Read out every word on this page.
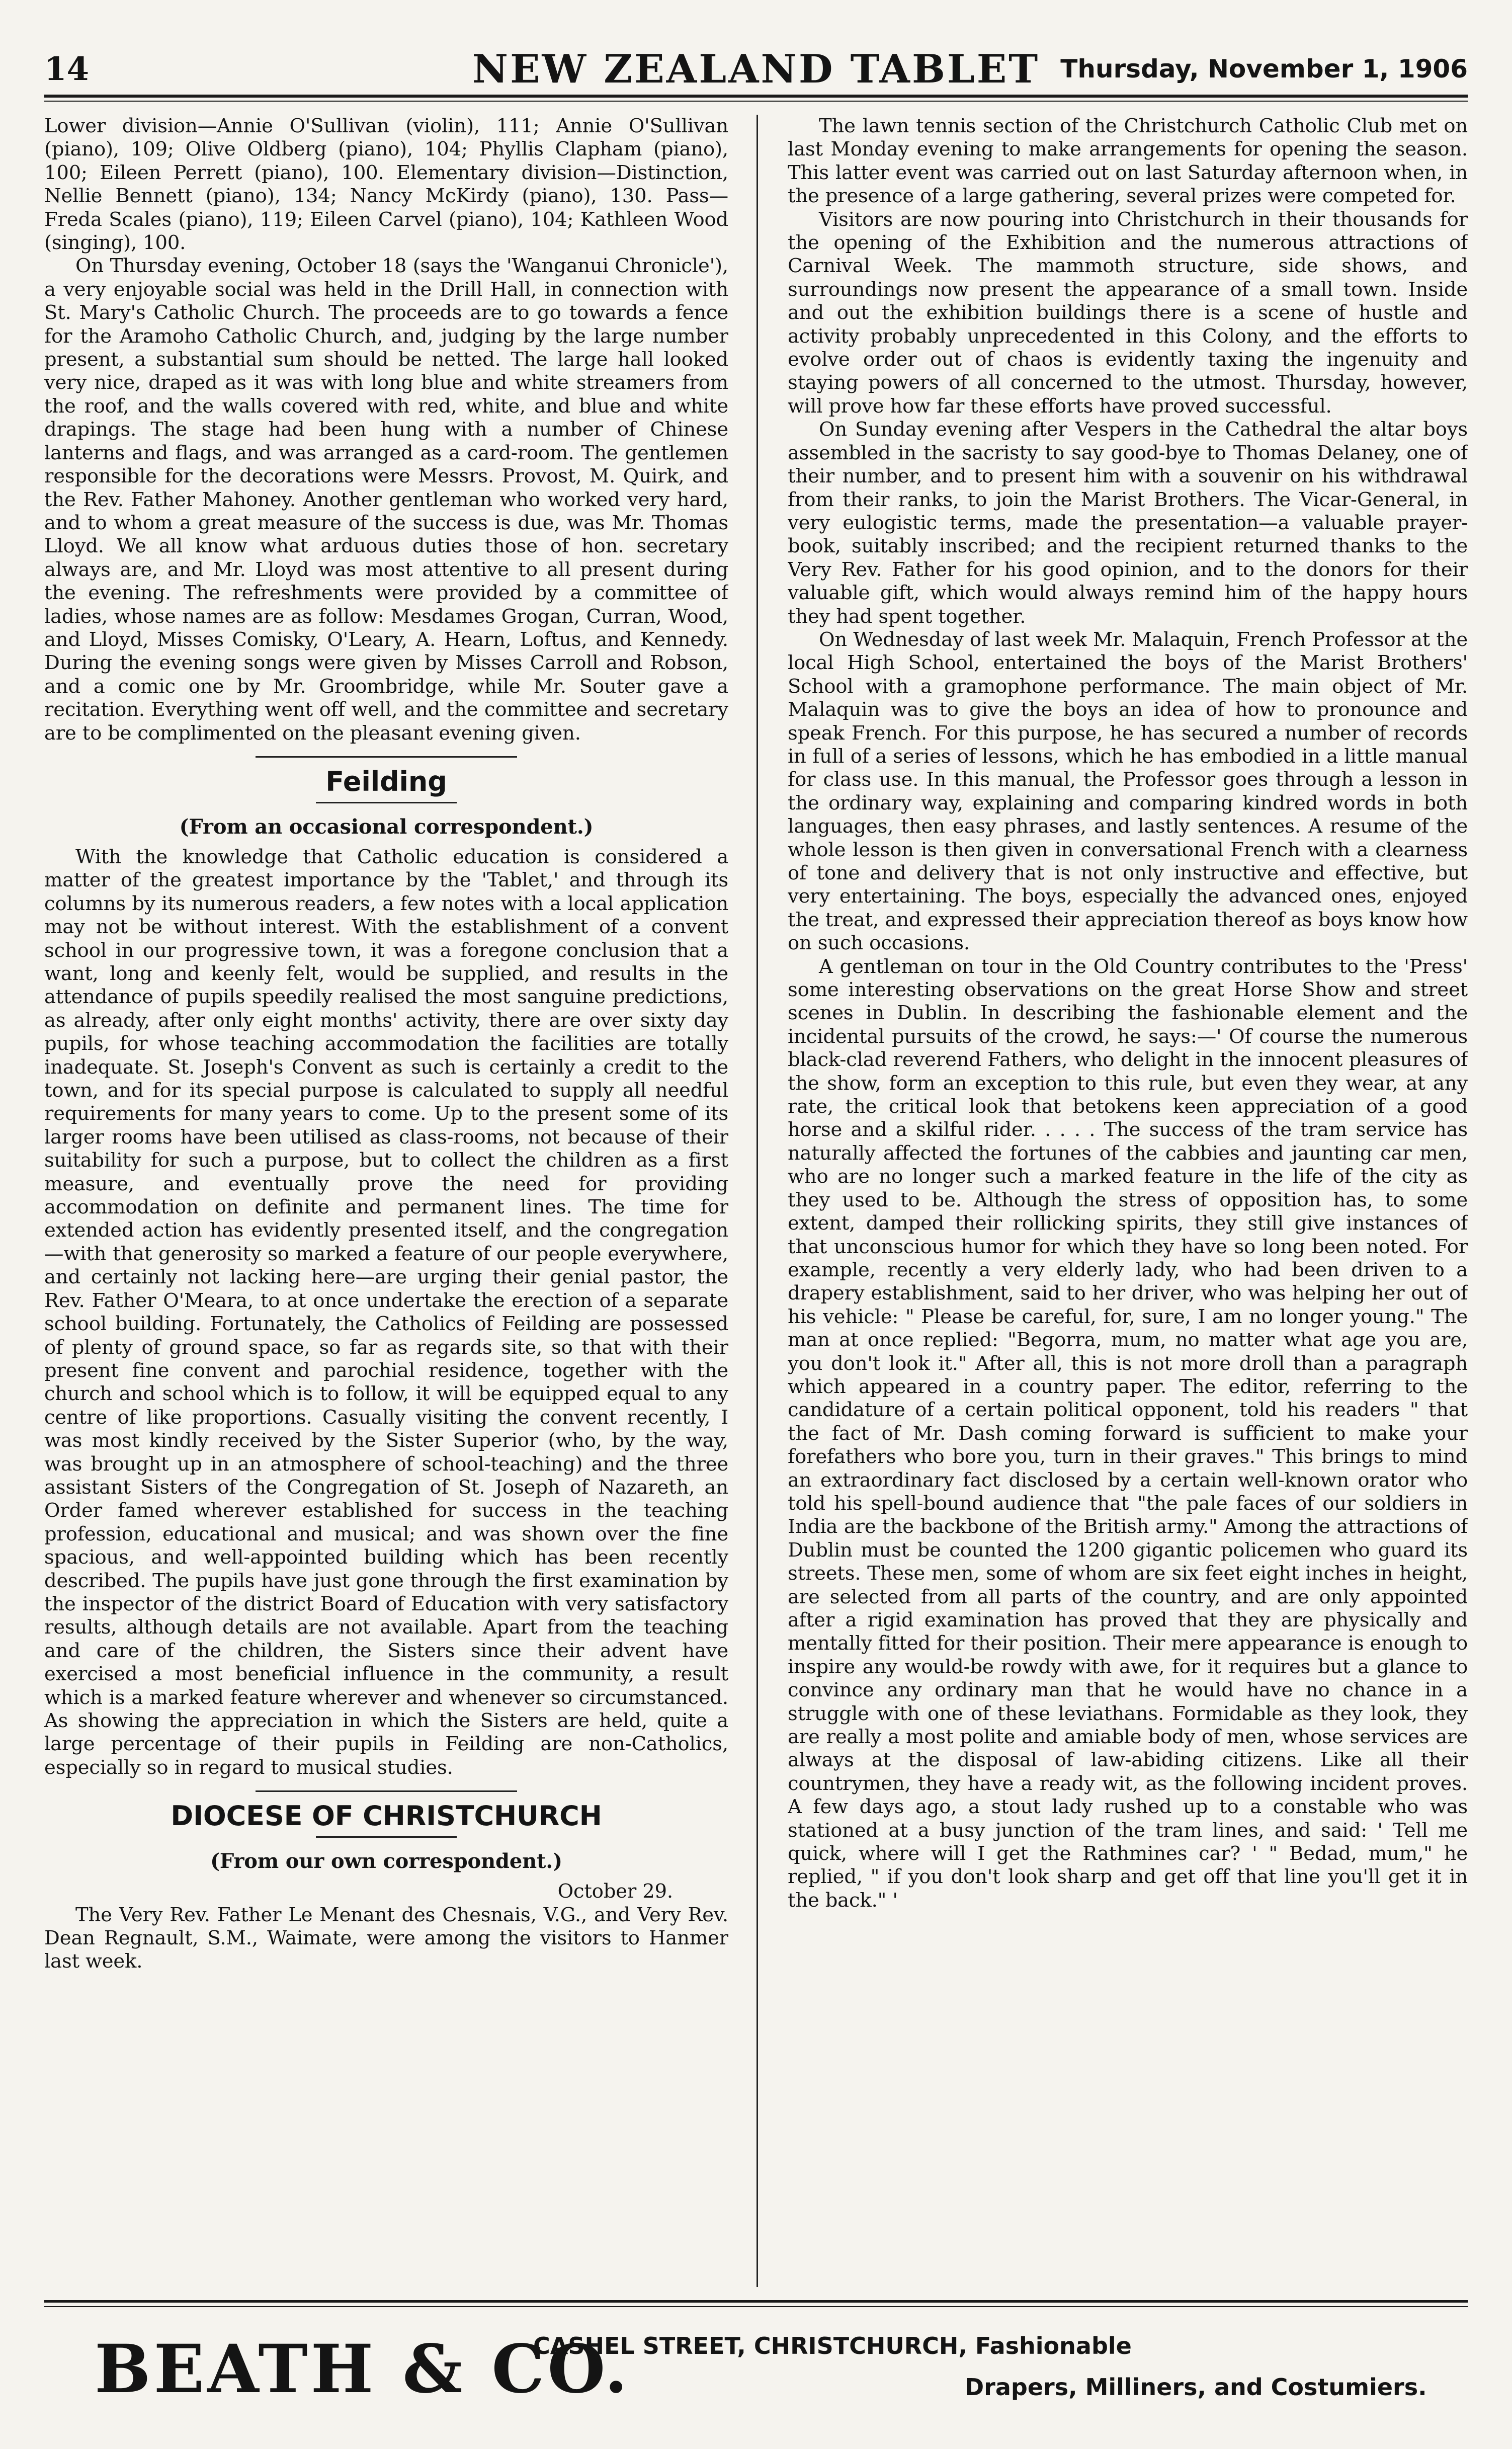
14	NEW ZEALAND TABLET Thursday, November 1, 1906

Lower division—Annie O'Sullivan (violin), 111; Annie O'Sullivan (piano), 109; Olive Oldberg (piano), 104; Phyllis Clapham (piano), 100; Eileen Perrett (piano), 100. Elementary division—Distinction, Nellie Bennett (piano), 134; Nancy McKirdy (piano), 130. Pass—Freda Scales (piano), 119; Eileen Carvel (piano), 104; Kathleen Wood (singing), 100.

On Thursday evening, October 18 (says the 'Wanganui Chronicle'), a very enjoyable social was held in the Drill Hall, in connection with St. Mary's Catholic Church. The proceeds are to go towards a fence for the Aramoho Catholic Church, and, judging by the large number present, a substantial sum should be netted. The large hall looked very nice, draped as it was with long blue and white streamers from the roof, and the walls covered with red, white, and blue and white drapings. The stage had been hung with a number of Chinese lanterns and flags, and was arranged as a card-room. The gentlemen responsible for the decorations were Messrs. Provost, M. Quirk, and the Rev. Father Mahoney. Another gentleman who worked very hard, and to whom a great measure of the success is due, was Mr. Thomas Lloyd. We all know what arduous duties those of hon. secretary always are, and Mr. Lloyd was most attentive to all present during the evening. The refreshments were provided by a committee of ladies, whose names are as follow: Mesdames Grogan, Curran, Wood, and Lloyd, Misses Comisky, O'Leary, A. Hearn, Loftus, and Kennedy. During the evening songs were given by Misses Carroll and Robson, and a comic one by Mr. Groombridge, while Mr. Souter gave a recitation. Everything went off well, and the committee and secretary are to be complimented on the pleasant evening given.

Feilding
(From an occasional correspondent.)

With the knowledge that Catholic education is considered a matter of the greatest importance by the 'Tablet,' and through its columns by its numerous readers, a few notes with a local application may not be without interest. With the establishment of a convent school in our progressive town, it was a foregone conclusion that a want, long and keenly felt, would be supplied, and results in the attendance of pupils speedily realised the most sanguine predictions, as already, after only eight months' activity, there are over sixty day pupils, for whose teaching accommodation the facilities are totally inadequate. St. Joseph's Convent as such is certainly a credit to the town, and for its special purpose is calculated to supply all needful requirements for many years to come. Up to the present some of its larger rooms have been utilised as class-rooms, not because of their suitability for such a purpose, but to collect the children as a first measure, and eventually prove the need for providing accommodation on definite and permanent lines. The time for extended action has evidently presented itself, and the congregation—with that generosity so marked a feature of our people everywhere, and certainly not lacking here—are urging their genial pastor, the Rev. Father O'Meara, to at once undertake the erection of a separate school building. Fortunately, the Catholics of Feilding are possessed of plenty of ground space, so far as regards site, so that with their present fine convent and parochial residence, together with the church and school which is to follow, it will be equipped equal to any centre of like proportions. Casually visiting the convent recently, I was most kindly received by the Sister Superior (who, by the way, was brought up in an atmosphere of school-teaching) and the three assistant Sisters of the Congregation of St. Joseph of Nazareth, an Order famed wherever established for success in the teaching profession, educational and musical; and was shown over the fine spacious, and well-appointed building which has been recently described. The pupils have just gone through the first examination by the inspector of the district Board of Education with very satisfactory results, although details are not available. Apart from the teaching and care of the children, the Sisters since their advent have exercised a most beneficial influence in the community, a result which is a marked feature wherever and whenever so circumstanced. As showing the appreciation in which the Sisters are held, quite a large percentage of their pupils in Feilding are non-Catholics, especially so in regard to musical studies.

DIOCESE OF CHRISTCHURCH
(From our own correspondent.)
October 29.

The Very Rev. Father Le Menant des Chesnais, V.G., and Very Rev. Dean Regnault, S.M., Waimate, were among the visitors to Hanmer last week.

The lawn tennis section of the Christchurch Catholic Club met on last Monday evening to make arrangements for opening the season. This latter event was carried out on last Saturday afternoon when, in the presence of a large gathering, several prizes were competed for.

Visitors are now pouring into Christchurch in their thousands for the opening of the Exhibition and the numerous attractions of Carnival Week. The mammoth structure, side shows, and surroundings now present the appearance of a small town. Inside and out the exhibition buildings there is a scene of hustle and activity probably unprecedented in this Colony, and the efforts to evolve order out of chaos is evidently taxing the ingenuity and staying powers of all concerned to the utmost. Thursday, however, will prove how far these efforts have proved successful.

On Sunday evening after Vespers in the Cathedral the altar boys assembled in the sacristy to say good-bye to Thomas Delaney, one of their number, and to present him with a souvenir on his withdrawal from their ranks, to join the Marist Brothers. The Vicar-General, in very eulogistic terms, made the presentation—a valuable prayer-book, suitably inscribed; and the recipient returned thanks to the Very Rev. Father for his good opinion, and to the donors for their valuable gift, which would always remind him of the happy hours they had spent together.

On Wednesday of last week Mr. Malaquin, French Professor at the local High School, entertained the boys of the Marist Brothers' School with a gramophone performance. The main object of Mr. Malaquin was to give the boys an idea of how to pronounce and speak French. For this purpose, he has secured a number of records in full of a series of lessons, which he has embodied in a little manual for class use. In this manual, the Professor goes through a lesson in the ordinary way, explaining and comparing kindred words in both languages, then easy phrases, and lastly sentences. A resume of the whole lesson is then given in conversational French with a clearness of tone and delivery that is not only instructive and effective, but very entertaining. The boys, especially the advanced ones, enjoyed the treat, and expressed their appreciation thereof as boys know how on such occasions.

A gentleman on tour in the Old Country contributes to the 'Press' some interesting observations on the great Horse Show and street scenes in Dublin. In describing the fashionable element and the incidental pursuits of the crowd, he says:—' Of course the numerous black-clad reverend Fathers, who delight in the innocent pleasures of the show, form an exception to this rule, but even they wear, at any rate, the critical look that betokens keen appreciation of a good horse and a skilful rider. . . . . The success of the tram service has naturally affected the fortunes of the cabbies and jaunting car men, who are no longer such a marked feature in the life of the city as they used to be. Although the stress of opposition has, to some extent, damped their rollicking spirits, they still give instances of that unconscious humor for which they have so long been noted. For example, recently a very elderly lady, who had been driven to a drapery establishment, said to her driver, who was helping her out of his vehicle: " Please be careful, for, sure, I am no longer young." The man at once replied: "Begorra, mum, no matter what age you are, you don't look it." After all, this is not more droll than a paragraph which appeared in a country paper. The editor, referring to the candidature of a certain political opponent, told his readers " that the fact of Mr. Dash coming forward is sufficient to make your forefathers who bore you, turn in their graves." This brings to mind an extraordinary fact disclosed by a certain well-known orator who told his spell-bound audience that "the pale faces of our soldiers in India are the backbone of the British army." Among the attractions of Dublin must be counted the 1200 gigantic policemen who guard its streets. These men, some of whom are six feet eight inches in height, are selected from all parts of the country, and are only appointed after a rigid examination has proved that they are physically and mentally fitted for their position. Their mere appearance is enough to inspire any would-be rowdy with awe, for it requires but a glance to convince any ordinary man that he would have no chance in a struggle with one of these leviathans. Formidable as they look, they are really a most polite and amiable body of men, whose services are always at the disposal of law-abiding citizens. Like all their countrymen, they have a ready wit, as the following incident proves. A few days ago, a stout lady rushed up to a constable who was stationed at a busy junction of the tram lines, and said: ' Tell me quick, where will I get the Rathmines car? ' " Bedad, mum," he replied, " if you don't look sharp and get off that line you'll get it in the back." '

BEATH & CO.
CASHEL STREET, CHRISTCHURCH, Fashionable
Drapers, Milliners, and Costumiers.
